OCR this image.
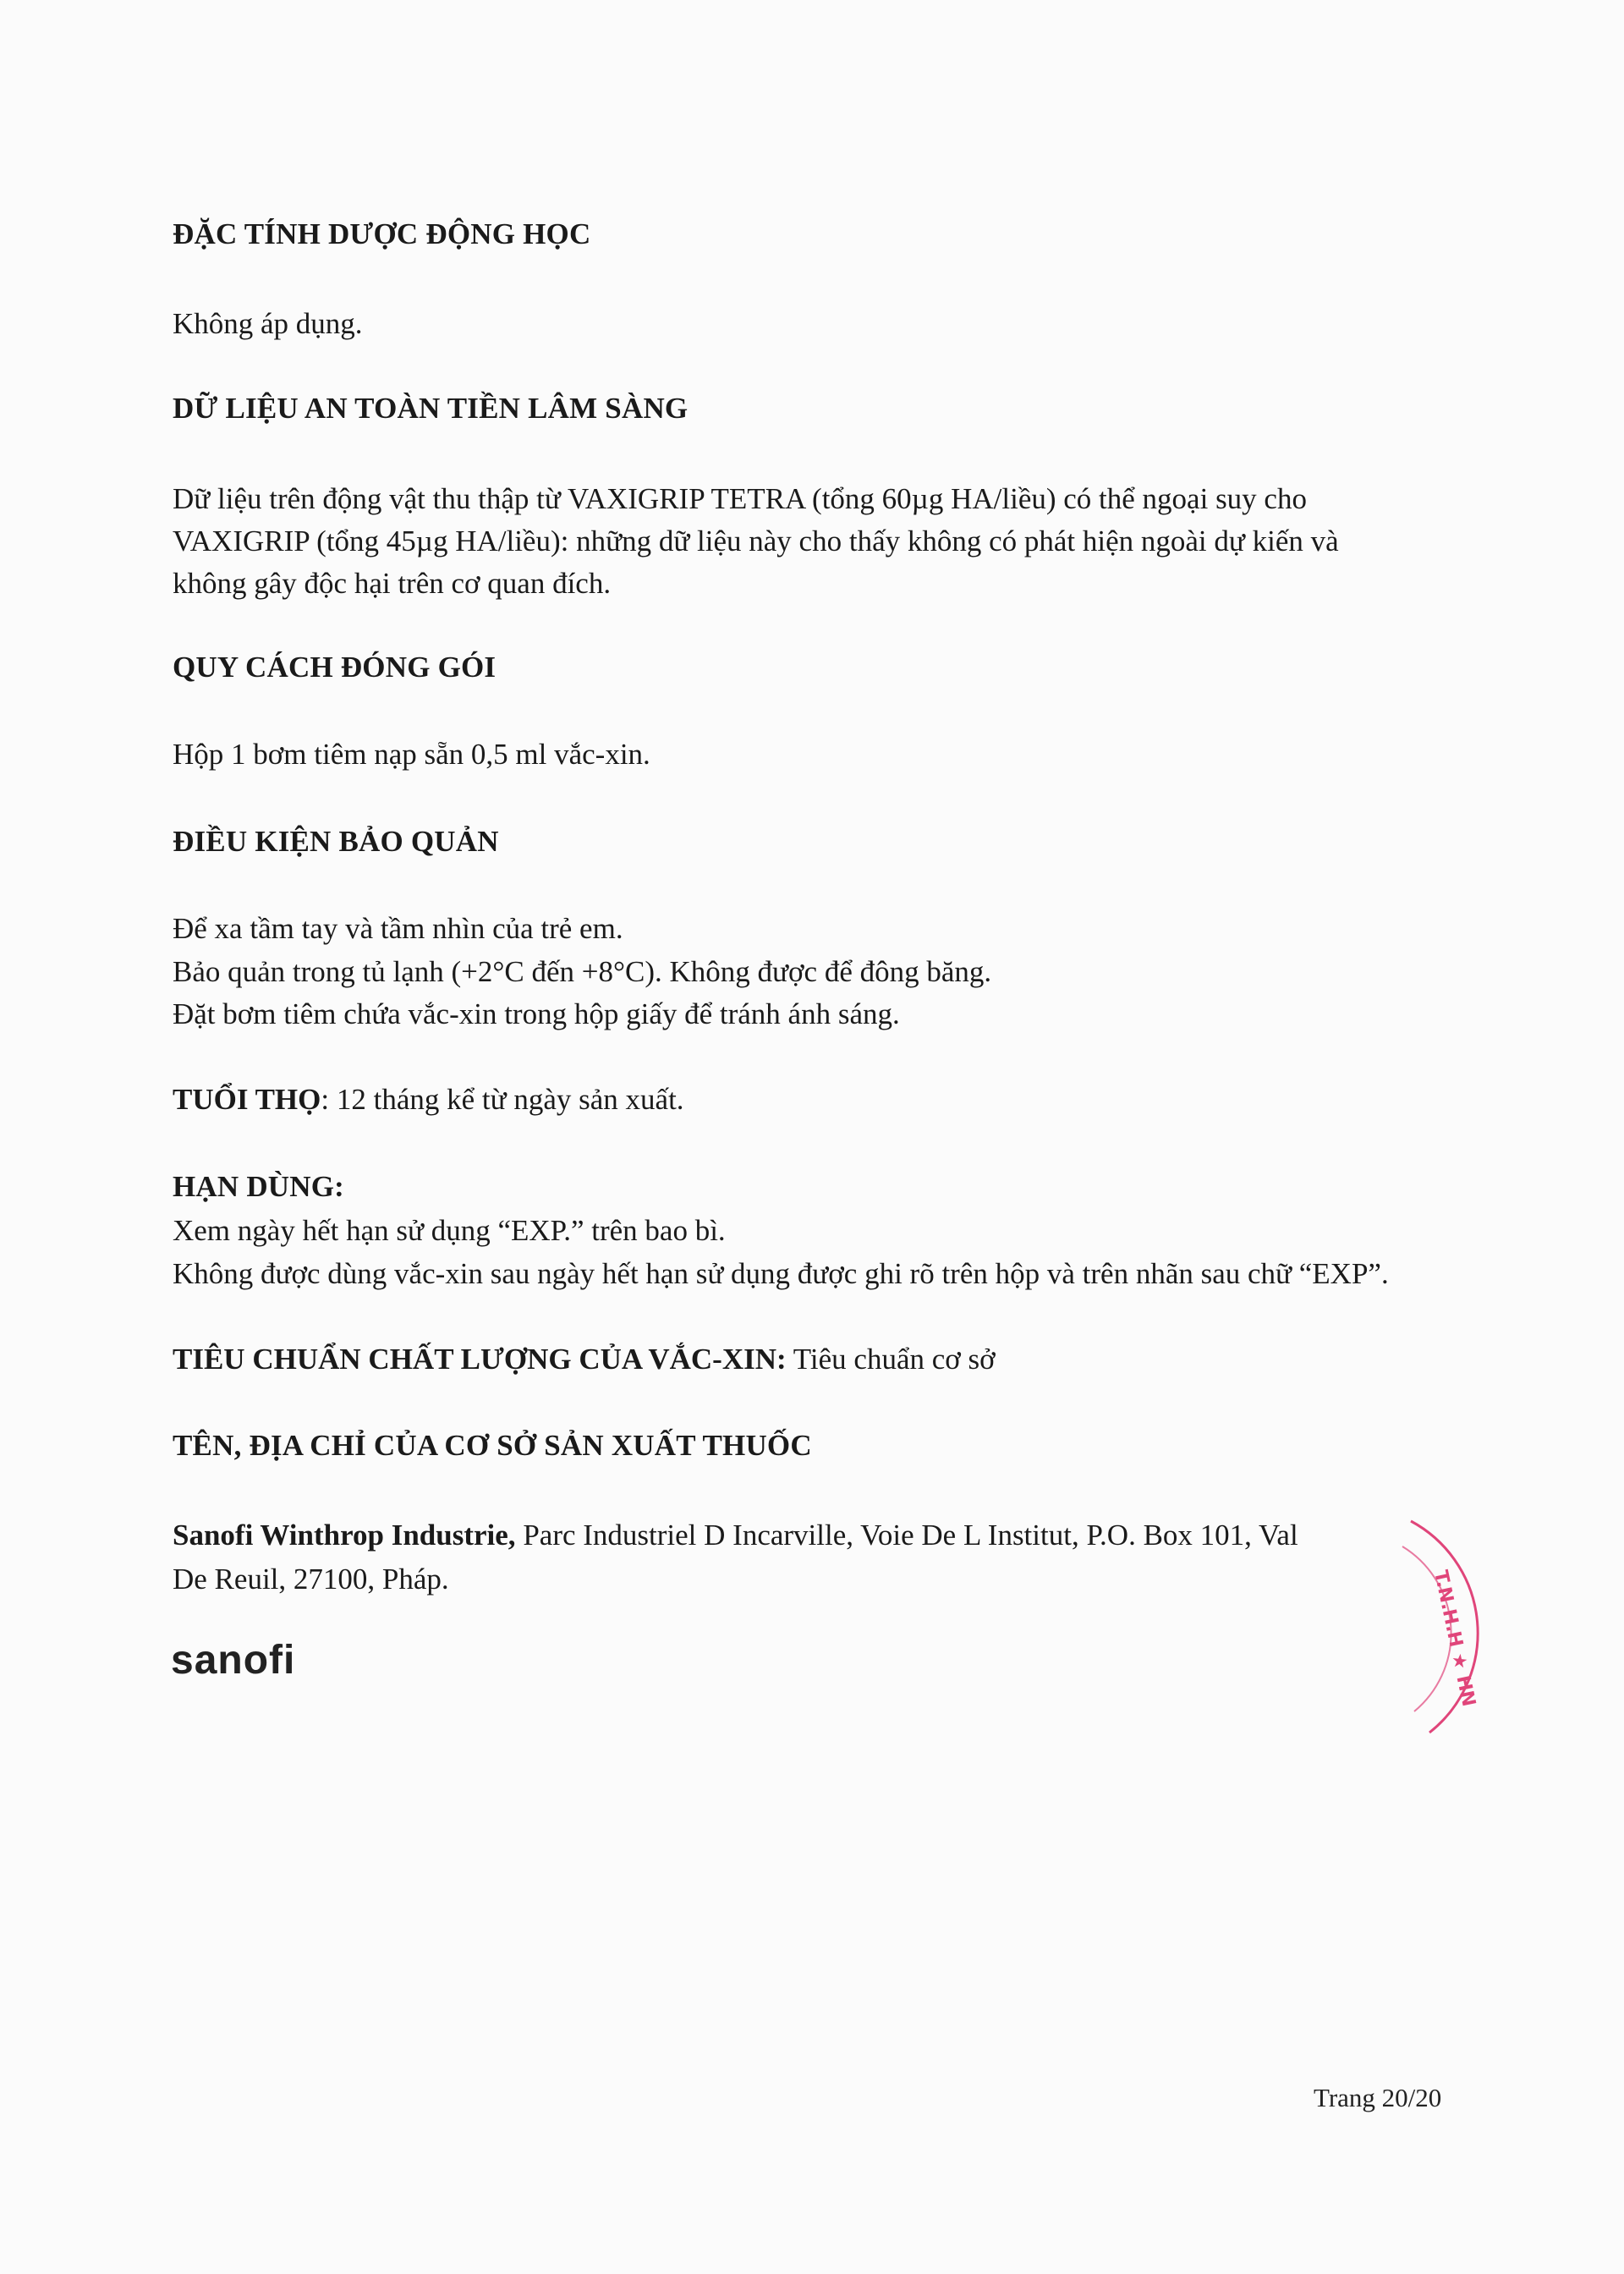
ĐẶC TÍNH DƯỢC ĐỘNG HỌC
Không áp dụng.
DỮ LIỆU AN TOÀN TIỀN LÂM SÀNG
Dữ liệu trên động vật thu thập từ VAXIGRIP TETRA (tổng 60µg HA/liều) có thể ngoại suy cho
VAXIGRIP (tổng 45µg HA/liều): những dữ liệu này cho thấy không có phát hiện ngoài dự kiến và
không gây độc hại trên cơ quan đích.
QUY CÁCH ĐÓNG GÓI
Hộp 1 bơm tiêm nạp sẵn 0,5 ml vắc-xin.
ĐIỀU KIỆN BẢO QUẢN
Để xa tầm tay và tầm nhìn của trẻ em.
Bảo quản trong tủ lạnh (+2°C đến +8°C). Không được để đông băng.
Đặt bơm tiêm chứa vắc-xin trong hộp giấy để tránh ánh sáng.
TUỔI THỌ: 12 tháng kể từ ngày sản xuất.
HẠN DÙNG:
Xem ngày hết hạn sử dụng “EXP.” trên bao bì.
Không được dùng vắc-xin sau ngày hết hạn sử dụng được ghi rõ trên hộp và trên nhãn sau chữ “EXP”.
TIÊU CHUẨN CHẤT LƯỢNG CỦA VẮC-XIN: Tiêu chuẩn cơ sở
TÊN, ĐỊA CHỈ CỦA CƠ SỞ SẢN XUẤT THUỐC
Sanofi Winthrop Industrie, Parc Industriel D Incarville, Voie De L Institut, P.O. Box 101, Val
De Reuil, 27100, Pháp.
sanofi	T.N.H.H ★ HN
Trang 20/20
